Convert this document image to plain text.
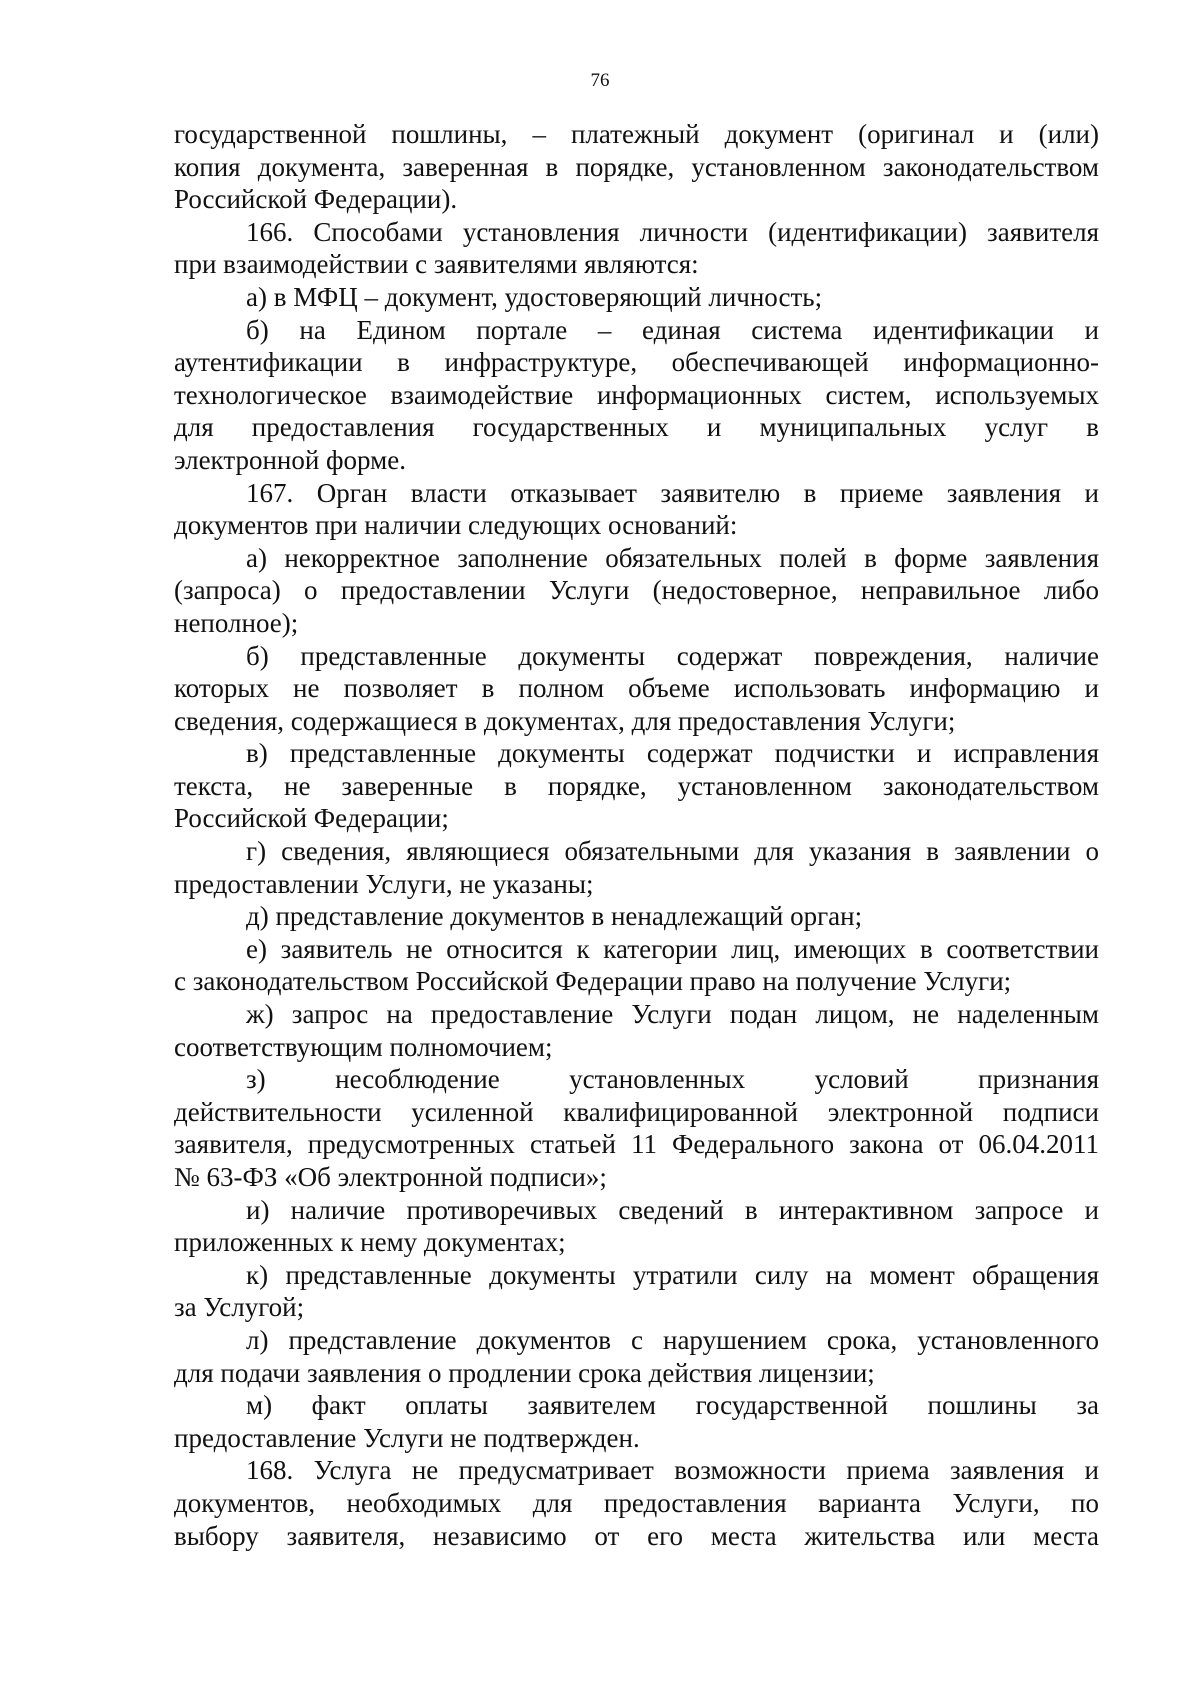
76
государственной пошлины, – платежный документ (оригинал и (или)
копия документа, заверенная в порядке, установленном законодательством
Российской Федерации).
166. Способами установления личности (идентификации) заявителя
при взаимодействии с заявителями являются:
а) в МФЦ – документ, удостоверяющий личность;
б) на Едином портале – единая система идентификации и
аутентификации в инфраструктуре, обеспечивающей информационно-
технологическое взаимодействие информационных систем, используемых
для предоставления государственных и муниципальных услуг в
электронной форме.
167. Орган власти отказывает заявителю в приеме заявления и
документов при наличии следующих оснований:
а) некорректное заполнение обязательных полей в форме заявления
(запроса) о предоставлении Услуги (недостоверное, неправильное либо
неполное);
б) представленные документы содержат повреждения, наличие
которых не позволяет в полном объеме использовать информацию и
сведения, содержащиеся в документах, для предоставления Услуги;
в) представленные документы содержат подчистки и исправления
текста, не заверенные в порядке, установленном законодательством
Российской Федерации;
г) сведения, являющиеся обязательными для указания в заявлении о
предоставлении Услуги, не указаны;
д) представление документов в ненадлежащий орган;
е) заявитель не относится к категории лиц, имеющих в соответствии
с законодательством Российской Федерации право на получение Услуги;
ж) запрос на предоставление Услуги подан лицом, не наделенным
соответствующим полномочием;
з) несоблюдение установленных условий признания
действительности усиленной квалифицированной электронной подписи
заявителя, предусмотренных статьей 11 Федерального закона от 06.04.2011
№ 63-ФЗ «Об электронной подписи»;
и) наличие противоречивых сведений в интерактивном запросе и
приложенных к нему документах;
к) представленные документы утратили силу на момент обращения
за Услугой;
л) представление документов с нарушением срока, установленного
для подачи заявления о продлении срока действия лицензии;
м) факт оплаты заявителем государственной пошлины за
предоставление Услуги не подтвержден.
168. Услуга не предусматривает возможности приема заявления и
документов, необходимых для предоставления варианта Услуги, по
выбору заявителя, независимо от его места жительства или места
